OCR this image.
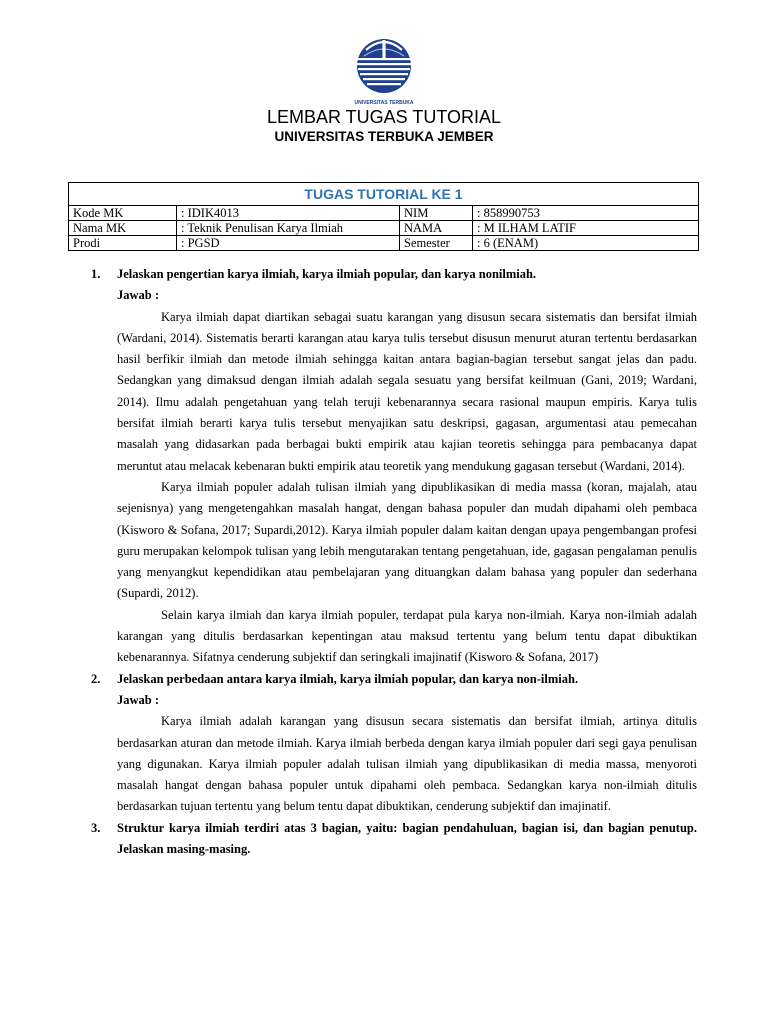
UNIVERSITAS TERBUKA
LEMBAR TUGAS TUTORIAL
UNIVERSITAS TERBUKA JEMBER
TUGAS TUTORIAL KE 1			
Kode MK	: IDIK4013	NIM	: 858990753
Nama MK	: Teknik Penulisan Karya Ilmiah	NAMA	: M ILHAM LATIF
Prodi	: PGSD	Semester	: 6 (ENAM)
1. Jelaskan pengertian karya ilmiah, karya ilmiah popular, dan karya nonilmiah.
Jawab :
Karya ilmiah dapat diartikan sebagai suatu karangan yang disusun secara sistematis dan bersifat ilmiah (Wardani, 2014). Sistematis berarti karangan atau karya tulis tersebut disusun menurut aturan tertentu berdasarkan hasil berfikir ilmiah dan metode ilmiah sehingga kaitan antara bagian-bagian tersebut sangat jelas dan padu. Sedangkan yang dimaksud dengan ilmiah adalah segala sesuatu yang bersifat keilmuan (Gani, 2019; Wardani, 2014). Ilmu adalah pengetahuan yang telah teruji kebenarannya secara rasional maupun empiris. Karya tulis bersifat ilmiah berarti karya tulis tersebut menyajikan satu deskripsi, gagasan, argumentasi atau pemecahan masalah yang didasarkan pada berbagai bukti empirik atau kajian teoretis sehingga para pembacanya dapat meruntut atau melacak kebenaran bukti empirik atau teoretik yang mendukung gagasan tersebut (Wardani, 2014).
Karya ilmiah populer adalah tulisan ilmiah yang dipublikasikan di media massa (koran, majalah, atau sejenisnya) yang mengetengahkan masalah hangat, dengan bahasa populer dan mudah dipahami oleh pembaca (Kisworo & Sofana, 2017; Supardi,2012). Karya ilmiah populer dalam kaitan dengan upaya pengembangan profesi guru merupakan kelompok tulisan yang lebih mengutarakan tentang pengetahuan, ide, gagasan pengalaman penulis yang menyangkut kependidikan atau pembelajaran yang dituangkan dalam bahasa yang populer dan sederhana (Supardi, 2012).
Selain karya ilmiah dan karya ilmiah populer, terdapat pula karya non-ilmiah. Karya non-ilmiah adalah karangan yang ditulis berdasarkan kepentingan atau maksud tertentu yang belum tentu dapat dibuktikan kebenarannya. Sifatnya cenderung subjektif dan seringkali imajinatif (Kisworo & Sofana, 2017)
2. Jelaskan perbedaan antara karya ilmiah, karya ilmiah popular, dan karya non-ilmiah.
Jawab :
Karya ilmiah adalah karangan yang disusun secara sistematis dan bersifat ilmiah, artinya ditulis berdasarkan aturan dan metode ilmiah. Karya ilmiah berbeda dengan karya ilmiah populer dari segi gaya penulisan yang digunakan. Karya ilmiah populer adalah tulisan ilmiah yang dipublikasikan di media massa, menyoroti masalah hangat dengan bahasa populer untuk dipahami oleh pembaca. Sedangkan karya non-ilmiah ditulis berdasarkan tujuan tertentu yang belum tentu dapat dibuktikan, cenderung subjektif dan imajinatif.
3. Struktur karya ilmiah terdiri atas 3 bagian, yaitu: bagian pendahuluan, bagian isi, dan bagian penutup. Jelaskan masing-masing.
